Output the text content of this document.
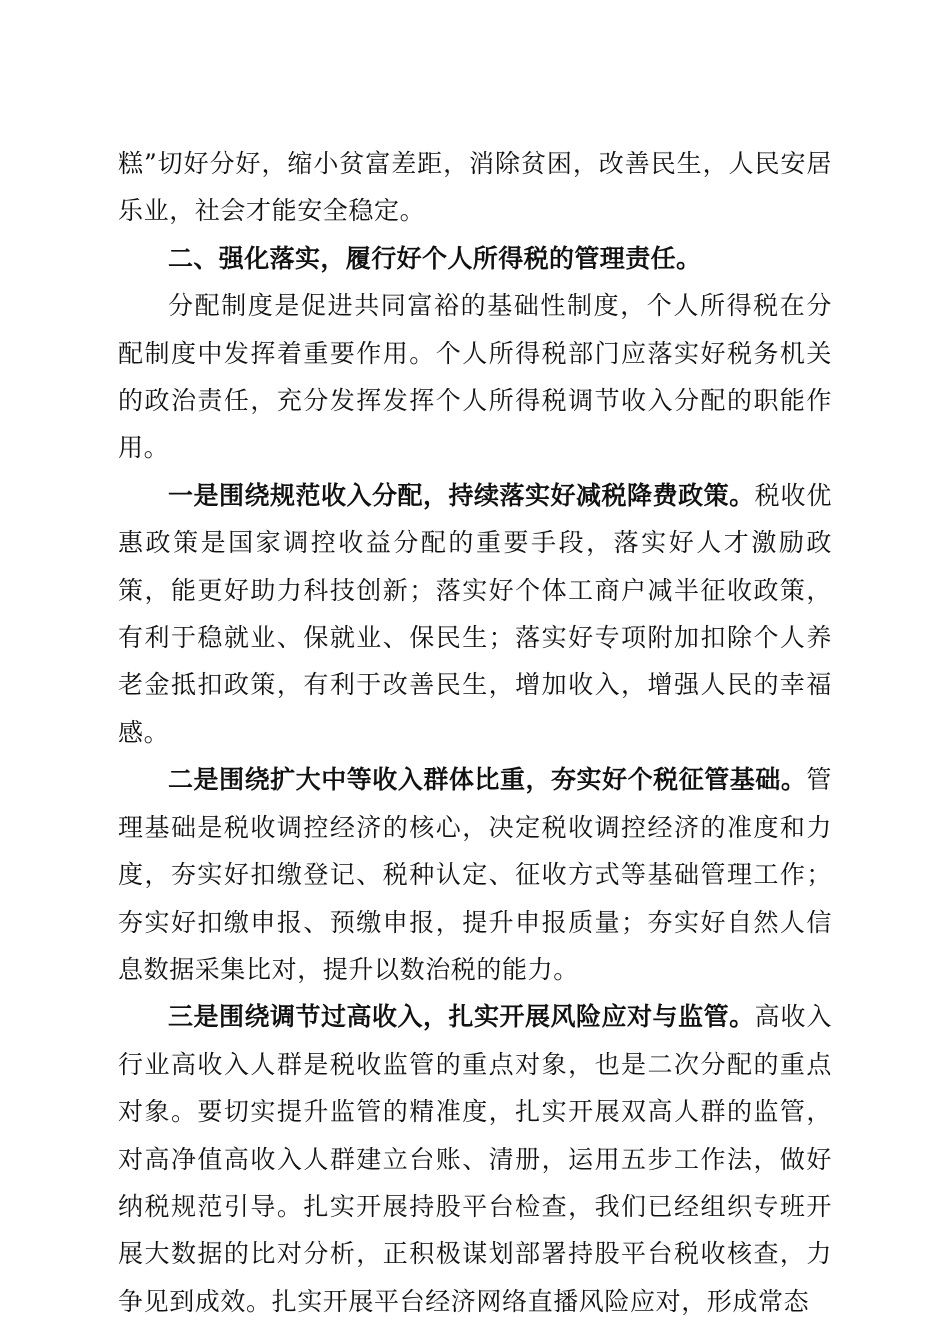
糕”切好分好，缩小贫富差距，消除贫困，改善民生，人民安居乐业，社会才能安全稳定。

二、强化落实，履行好个人所得税的管理责任。

分配制度是促进共同富裕的基础性制度，个人所得税在分配制度中发挥着重要作用。个人所得税部门应落实好税务机关的政治责任，充分发挥发挥个人所得税调节收入分配的职能作用。

一是围绕规范收入分配，持续落实好减税降费政策。税收优惠政策是国家调控收益分配的重要手段，落实好人才激励政策，能更好助力科技创新；落实好个体工商户减半征收政策，有利于稳就业、保就业、保民生；落实好专项附加扣除个人养老金抵扣政策，有利于改善民生，增加收入，增强人民的幸福感。

二是围绕扩大中等收入群体比重，夯实好个税征管基础。管理基础是税收调控经济的核心，决定税收调控经济的准度和力度，夯实好扣缴登记、税种认定、征收方式等基础管理工作；夯实好扣缴申报、预缴申报，提升申报质量；夯实好自然人信息数据采集比对，提升以数治税的能力。

三是围绕调节过高收入，扎实开展风险应对与监管。高收入行业高收入人群是税收监管的重点对象，也是二次分配的重点对象。要切实提升监管的精准度，扎实开展双高人群的监管，对高净值高收入人群建立台账、清册，运用五步工作法，做好纳税规范引导。扎实开展持股平台检查，我们已经组织专班开展大数据的比对分析，正积极谋划部署持股平台税收核查，力争见到成效。扎实开展平台经济网络直播风险应对，形成常态
